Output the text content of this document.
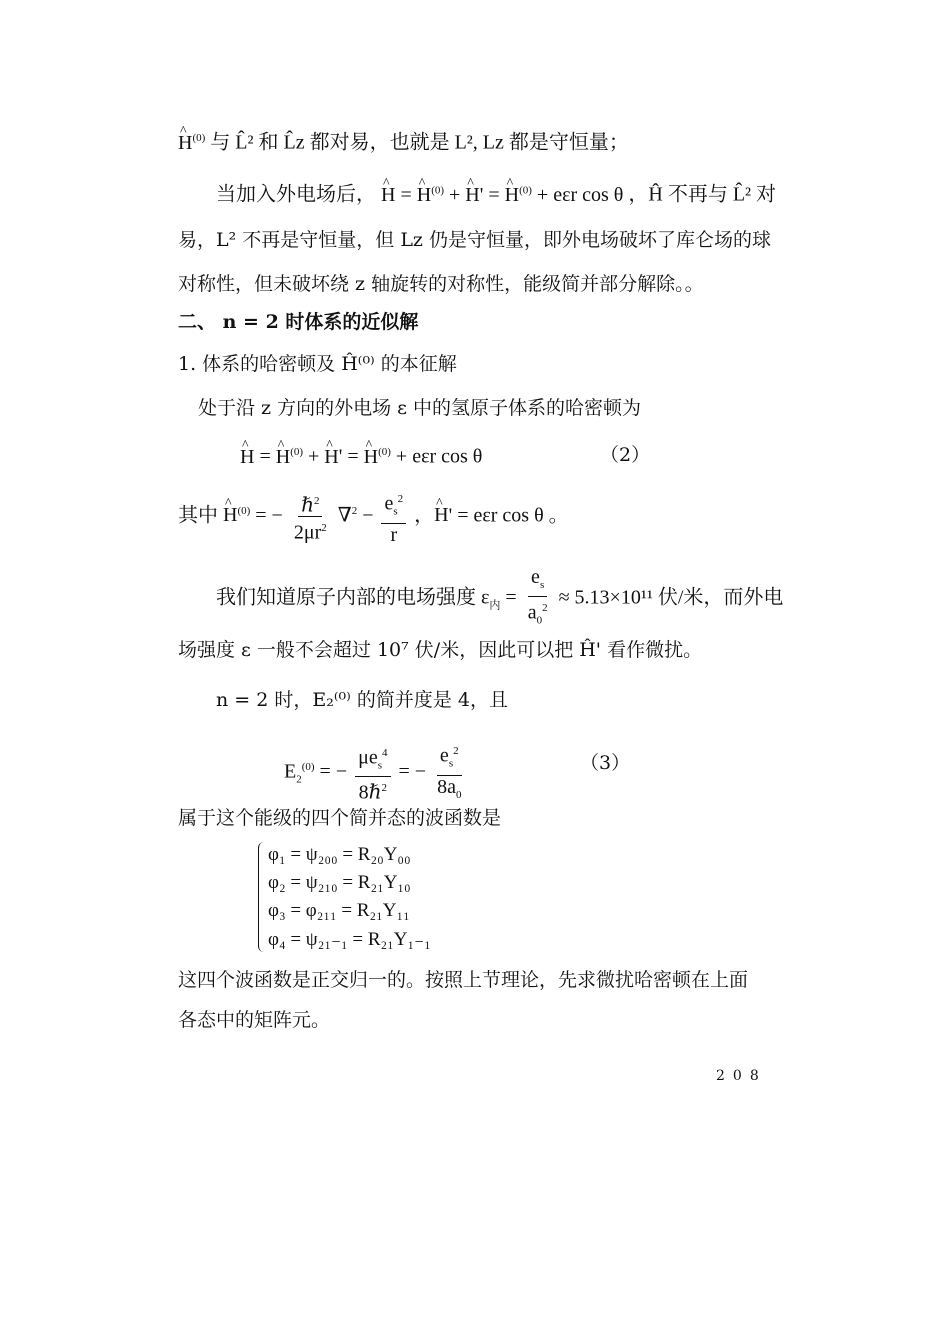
^ $H^{(0)}$ 与 L̂² 和 L̂z 都对易，也就是 L², Lz 都是守恒量；
当加入外电场后， ^ H = ^ $H^{(0)}$ + ^ H' = ^ $H^{(0)} + e\varepsilon r$ cos θ ，Ĥ 不再与 L̂² 对
易，L² 不再是守恒量，但 Lz 仍是守恒量，即外电场破坏了库仑场的球
对称性，但未破坏绕 z 轴旋转的对称性，能级简并部分解除。。
二、 n = 2 时体系的近似解
1. 体系的哈密顿及 Ĥ⁽⁰⁾ 的本征解
处于沿 z 方向的外电场 ε 中的氢原子体系的哈密顿为
^ H = ^ $H^{(0)}$ + ^ H' = ^ $H^{(0)} + e\varepsilon r$ cos θ	（2）
其中 ^ $H^{(0)}$ = − $\frac{\hbar^2}{2\mu r^2} \nabla^2 - \frac{e_s^2}{r}$ ，^ H' = eεr cos θ 。
我们知道原子内部的电场强度 $\varepsilon_内 = \frac{e_s}{a_0^2} \approx 5.13\times 10^{11}$ 伏/米，而外电
场强度 ε 一般不会超过 10⁷ 伏/米，因此可以把 Ĥ' 看作微扰。
n = 2 时，E₂⁽⁰⁾ 的简并度是 4，且
$E_2^{(0)}$ = − $\frac{\mu e_s^4}{8\hbar^2}$ = − $\frac{e_s^2}{8a_0}$	（3）
属于这个能级的四个简并态的波函数是
φ₁ = ψ₂₀₀ = R₂₀Y₀₀
φ₂ = ψ₂₁₀ = R₂₁Y₁₀
φ₃ = φ₂₁₁ = R₂₁Y₁₁
φ₄ = ψ₂₁₋₁ = R₂₁Y₁₋₁
这四个波函数是正交归一的。按照上节理论，先求微扰哈密顿在上面
各态中的矩阵元。
208
